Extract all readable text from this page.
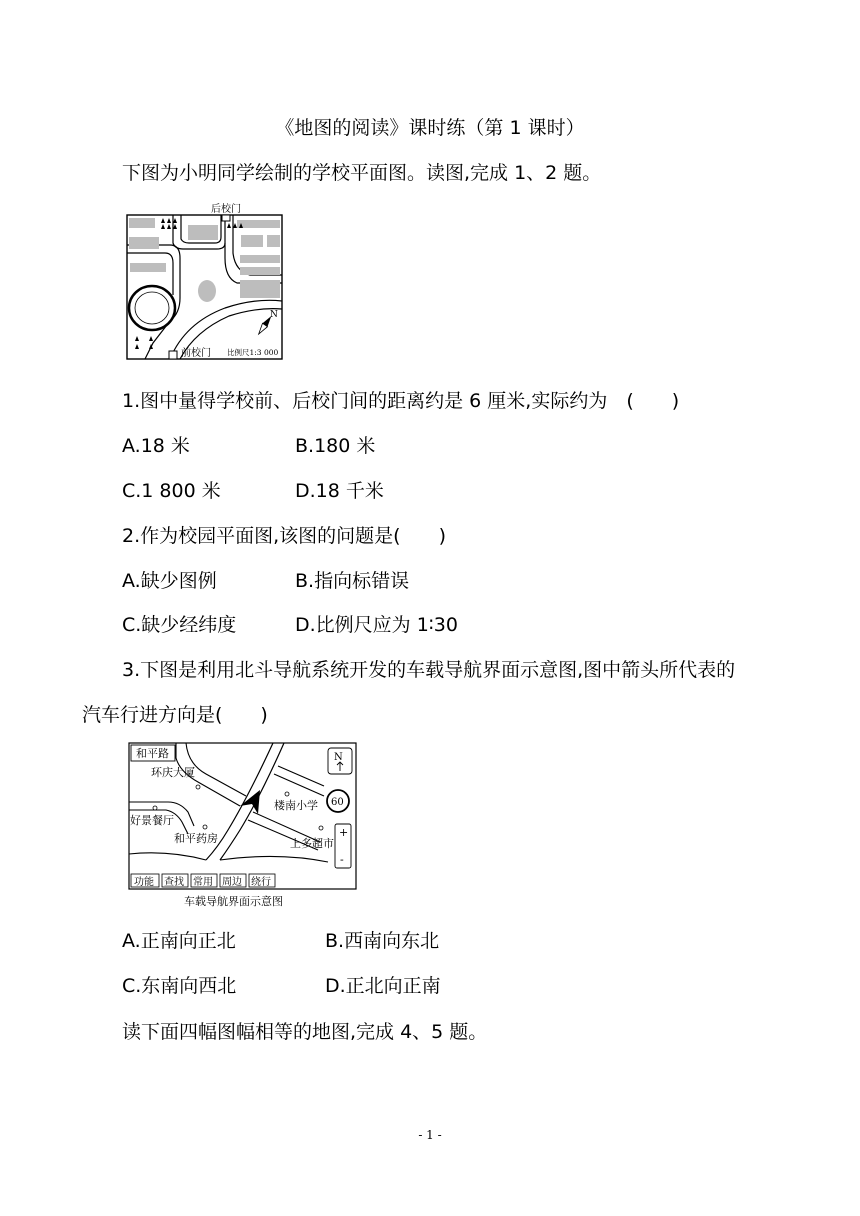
《地图的阅读》课时练（第 1 课时）
下图为小明同学绘制的学校平面图。读图,完成 1、2 题。
N
后校门
前校门 比例尺1:3 000
1.图中量得学校前、后校门间的距离约是 6 厘米,实际约为　(　　)
A.18 米	B.180 米
C.1 800 米	D.18 千米
2.作为校园平面图,该图的问题是(　　)
A.缺少图例	B.指向标错误
C.缺少经纬度	D.比例尺应为 1∶30
3.下图是利用北斗导航系统开发的车载导航界面示意图,图中箭头所代表的
汽车行进方向是(　　)
和平路
环庆大厦
好景餐厅
和平药房
楼南小学
上多超市
N
60
+
-
功能 查找 常用 周边 绕行
车载导航界面示意图
A.正南向正北	B.西南向东北
C.东南向西北	D.正北向正南
读下面四幅图幅相等的地图,完成 4、5 题。
- 1 -
